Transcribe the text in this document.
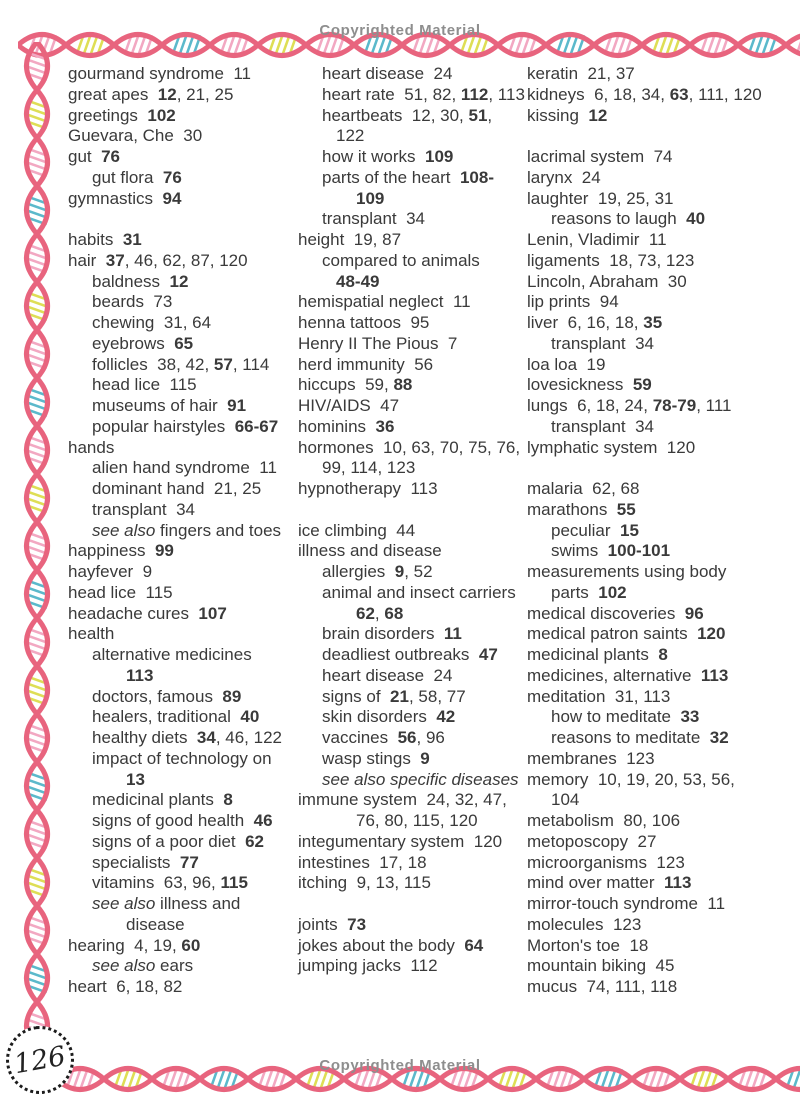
Copyrighted Material
Copyrighted Material
126
gourmand syndrome  11
great apes  12, 21, 25
greetings  102
Guevara, Che  30
gut  76
gut flora  76
gymnastics  94

habits  31
hair  37, 46, 62, 87, 120
baldness  12
beards  73
chewing  31, 64
eyebrows  65
follicles  38, 42, 57, 114
head lice  115
museums of hair  91
popular hairstyles  66-67
hands
alien hand syndrome  11
dominant hand  21, 25
transplant  34
see also fingers and toes
happiness  99
hayfever  9
head lice  115
headache cures  107
health
alternative medicines
113
doctors, famous  89
healers, traditional  40
healthy diets  34, 46, 122
impact of technology on
13
medicinal plants  8
signs of good health  46
signs of a poor diet  62
specialists  77
vitamins  63, 96, 115
see also illness and
disease
hearing  4, 19, 60
see also ears
heart  6, 18, 82
heart disease  24
heart rate  51, 82, 112, 113
heartbeats  12, 30, 51,
122
how it works  109
parts of the heart  108-
109
transplant  34
height  19, 87
compared to animals
48-49
hemispatial neglect  11
henna tattoos  95
Henry II The Pious  7
herd immunity  56
hiccups  59, 88
HIV/AIDS  47
hominins  36
hormones  10, 63, 70, 75, 76,
99, 114, 123
hypnotherapy  113

ice climbing  44
illness and disease
allergies  9, 52
animal and insect carriers
62, 68
brain disorders  11
deadliest outbreaks  47
heart disease  24
signs of  21, 58, 77
skin disorders  42
vaccines  56, 96
wasp stings  9
see also specific diseases
immune system  24, 32, 47,
76, 80, 115, 120
integumentary system  120
intestines  17, 18
itching  9, 13, 115

joints  73
jokes about the body  64
jumping jacks  112
keratin  21, 37
kidneys  6, 18, 34, 63, 111, 120
kissing  12

lacrimal system  74
larynx  24
laughter  19, 25, 31
reasons to laugh  40
Lenin, Vladimir  11
ligaments  18, 73, 123
Lincoln, Abraham  30
lip prints  94
liver  6, 16, 18, 35
transplant  34
loa loa  19
lovesickness  59
lungs  6, 18, 24, 78-79, 111
transplant  34
lymphatic system  120

malaria  62, 68
marathons  55
peculiar  15
swims  100-101
measurements using body
parts  102
medical discoveries  96
medical patron saints  120
medicinal plants  8
medicines, alternative  113
meditation  31, 113
how to meditate  33
reasons to meditate  32
membranes  123
memory  10, 19, 20, 53, 56,
104
metabolism  80, 106
metoposcopy  27
microorganisms  123
mind over matter  113
mirror-touch syndrome  11
molecules  123
Morton's toe  18
mountain biking  45
mucus  74, 111, 118
